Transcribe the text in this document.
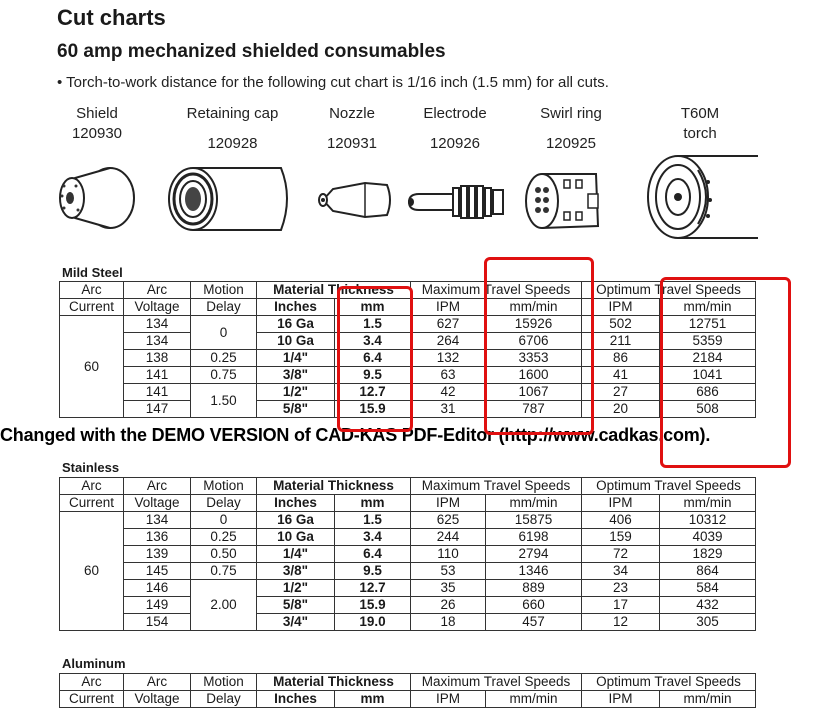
Cut charts
60 amp mechanized shielded consumables
• Torch-to-work distance for the following cut chart is 1/16 inch (1.5 mm) for all cuts.
Shield
120930
Retaining cap
120928
Nozzle
120931
Electrode
120926
Swirl ring
120925
T60M
torch
Mild Steel
Arc	Arc	Motion	Material Thickness		Maximum Travel Speeds		Optimum Travel Speeds	
Current	Voltage	Delay	Inches	mm	IPM	mm/min	IPM	mm/min
60	134	0	16 Ga	1.5	627	15926	502	12751
	134		10 Ga	3.4	264	6706	211	5359
	138	0.25	1/4"	6.4	132	3353	86	2184
	141	0.75	3/8"	9.5	63	1600	41	1041
	141	1.50	1/2"	12.7	42	1067	27	686
	147		5/8"	15.9	31	787	20	508
Changed with the DEMO VERSION of CAD-KAS PDF-Editor (http://www.cadkas.com).
Stainless
Arc	Arc	Motion	Material Thickness		Maximum Travel Speeds		Optimum Travel Speeds	
Current	Voltage	Delay	Inches	mm	IPM	mm/min	IPM	mm/min
60	134	0	16 Ga	1.5	625	15875	406	10312
	136	0.25	10 Ga	3.4	244	6198	159	4039
	139	0.50	1/4"	6.4	110	2794	72	1829
	145	0.75	3/8"	9.5	53	1346	34	864
	146	2.00	1/2"	12.7	35	889	23	584
	149		5/8"	15.9	26	660	17	432
	154		3/4"	19.0	18	457	12	305
Aluminum
Arc	Arc	Motion	Material Thickness		Maximum Travel Speeds		Optimum Travel Speeds	
Current	Voltage	Delay	Inches	mm	IPM	mm/min	IPM	mm/min
